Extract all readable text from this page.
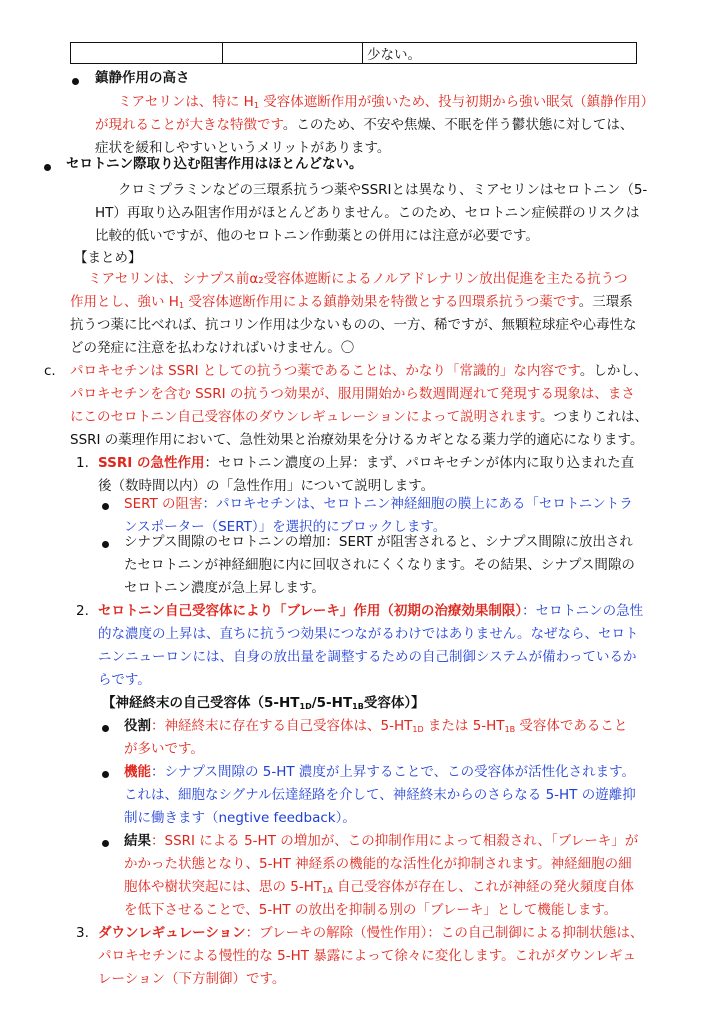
		少ない。
鎮静作用の高さ
ミアセリンは、特に $H_1$ 受容体遮断作用が強いため、投与初期から強い眠気（鎮静作用）
が現れることが大きな特徴です。このため、不安や焦燥、不眠を伴う鬱状態に対しては、
症状を緩和しやすいというメリットがあります。
セロトニン際取り込む阻害作用はほとんどない。
クロミプラミンなどの三環系抗うつ薬やSSRIとは異なり、ミアセリンはセロトニン（5-
HT）再取り込み阻害作用がほとんどありません。このため、セロトニン症候群のリスクは
比較的低いですが、他のセロトニン作動薬との併用には注意が必要です。
【まとめ】
ミアセリンは、シナプス前α₂受容体遮断によるノルアドレナリン放出促進を主たる抗うつ
作用とし、強い $H_1$ 受容体遮断作用による鎮静効果を特徴とする四環系抗うつ薬です。三環系
抗うつ薬に比べれば、抗コリン作用は少ないものの、一方、稀ですが、無顆粒球症や心毒性な
どの発症に注意を払わなければいけません。〇
c. パロキセチンは SSRI としての抗うつ薬であることは、かなり「常識的」な内容です。しかし、
パロキセチンを含む SSRI の抗うつ効果が、服用開始から数週間遅れて発現する現象は、まさ
にこのセロトニン自己受容体のダウンレギュレーションによって説明されます。つまりこれは、
SSRI の薬理作用において、急性効果と治療効果を分けるカギとなる薬力学的適応になります。
1. SSRI の急性作用：セロトニン濃度の上昇：まず、パロキセチンが体内に取り込まれた直
後（数時間以内）の「急性作用」について説明します。
SERT の阻害：パロキセチンは、セロトニン神経細胞の膜上にある「セロトニントラ
ンスポーター（SERT）」を選択的にブロックします。
シナプス間隙のセロトニンの増加：SERT が阻害されると、シナプス間隙に放出され
たセロトニンが神経細胞に内に回収されにくくなります。その結果、シナプス間隙の
セロトニン濃度が急上昇します。
2. セロトニン自己受容体により「ブレーキ」作用（初期の治療効果制限）：セロトニンの急性
的な濃度の上昇は、直ちに抗うつ効果につながるわけではありません。なぜなら、セロト
ニンニューロンには、自身の放出量を調整するための自己制御システムが備わっているか
らです。
【神経終末の自己受容体（$5-HT_{1D}/5-HT_{1B}$受容体）】
役割：神経終末に存在する自己受容体は、$5-HT_{1D}$ または $5-HT_{1B}$ 受容体であること
が多いです。
機能：シナプス間隙の 5-HT 濃度が上昇することで、この受容体が活性化されます。
これは、細胞なシグナル伝達経路を介して、神経終末からのさらなる 5-HT の遊離抑
制に働きます（negtive feedback）。
結果：SSRI による 5-HT の増加が、この抑制作用によって相殺され、「ブレーキ」が
かかった状態となり、5-HT 神経系の機能的な活性化が抑制されます。神経細胞の細
胞体や樹状突起には、思の $5-HT_{1A}$ 自己受容体が存在し、これが神経の発火頻度自体
を低下させることで、5-HT の放出を抑制る別の「ブレーキ」として機能します。
3. ダウンレギュレーション：ブレーキの解除（慢性作用）：この自己制御による抑制状態は、
パロキセチンによる慢性的な 5-HT 暴露によって徐々に変化します。これがダウンレギュ
レーション（下方制御）です。
